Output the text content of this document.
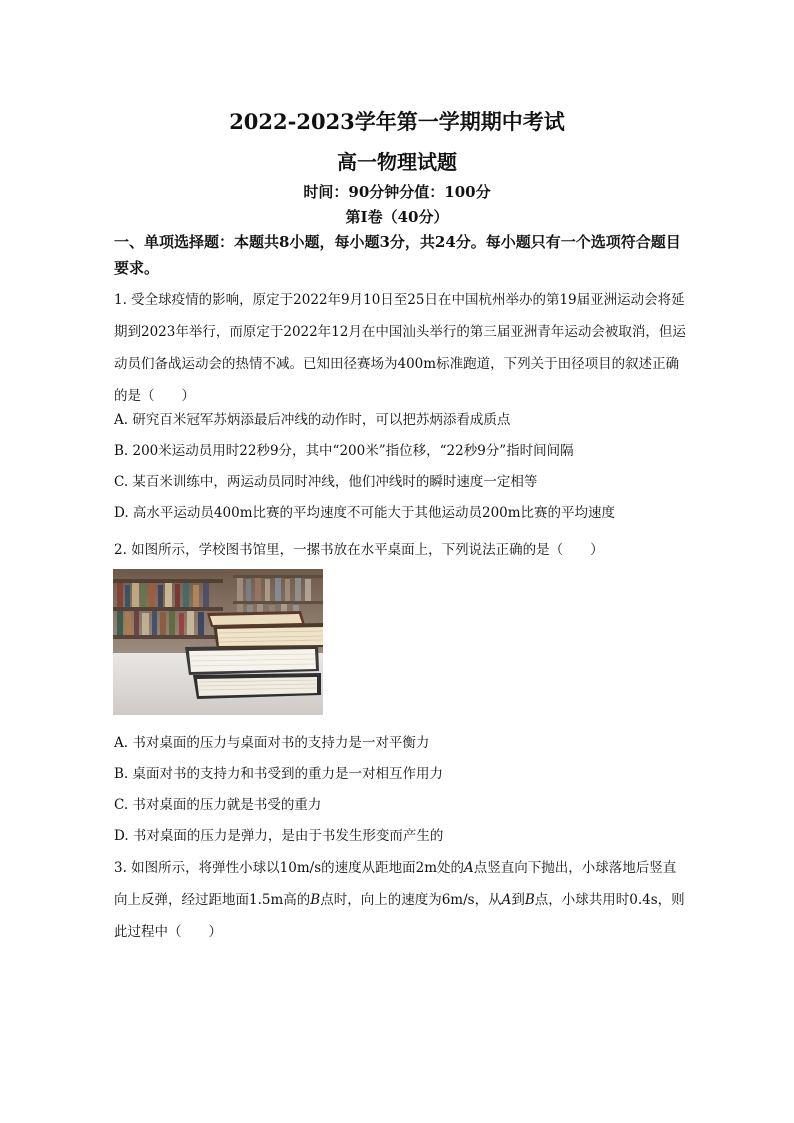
2022-2023学年第一学期期中考试
高一物理试题
时间：90分钟分值：100分
第Ⅰ卷（40分）
一、单项选择题：本题共8小题，每小题3分，共24分。每小题只有一个选项符合题目要求。
1. 受全球疫情的影响，原定于2022年9月10日至25日在中国杭州举办的第19届亚洲运动会将延期到2023年举行，而原定于2022年12月在中国汕头举行的第三届亚洲青年运动会被取消，但运动员们备战运动会的热情不减。已知田径赛场为400m标准跑道，下列关于田径项目的叙述正确的是（　　）
A. 研究百米冠军苏炳添最后冲线的动作时，可以把苏炳添看成质点
B. 200米运动员用时22秒9分，其中“200米”指位移，“22秒9分”指时间间隔
C. 某百米训练中，两运动员同时冲线，他们冲线时的瞬时速度一定相等
D. 高水平运动员400m比赛的平均速度不可能大于其他运动员200m比赛的平均速度
2. 如图所示，学校图书馆里，一摞书放在水平桌面上，下列说法正确的是（　　）
A. 书对桌面的压力与桌面对书的支持力是一对平衡力
B. 桌面对书的支持力和书受到的重力是一对相互作用力
C. 书对桌面的压力就是书受的重力
D. 书对桌面的压力是弹力，是由于书发生形变而产生的
3. 如图所示，将弹性小球以10m/s的速度从距地面2m处的A点竖直向下抛出，小球落地后竖直向上反弹，经过距地面1.5m高的B点时，向上的速度为6m/s，从A到B点，小球共用时0.4s，则此过程中（　　）
